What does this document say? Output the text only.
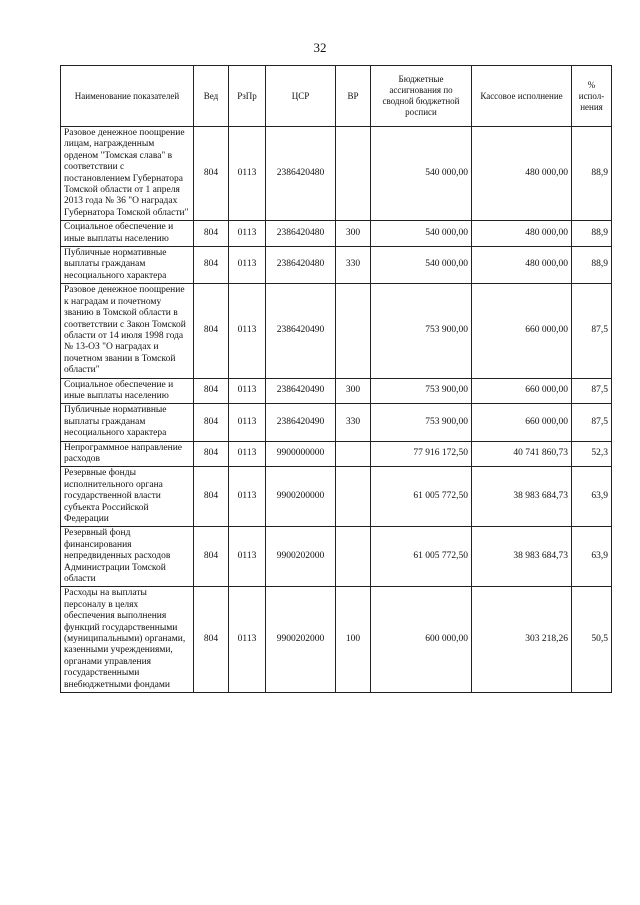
32
Наименование показателей	Вед	РзПр	ЦСР	ВР	Бюджетные ассигнования по сводной бюджетной росписи	Кассовое исполнение	% испол-нения
Разовое денежное поощрение лицам, награжденным орденом "Томская слава" в соответствии с постановлением Губернатора Томской области от 1 апреля 2013 года № 36 "О наградах Губернатора Томской области"	804	0113	2386420480		540 000,00	480 000,00	88,9
Социальное обеспечение и иные выплаты населению	804	0113	2386420480	300	540 000,00	480 000,00	88,9
Публичные нормативные выплаты гражданам несоциального характера	804	0113	2386420480	330	540 000,00	480 000,00	88,9
Разовое денежное поощрение к наградам и почетному званию в Томской области в соответствии с Закон Томской области от 14 июля 1998 года № 13-ОЗ "О наградах и почетном звании в Томской области"	804	0113	2386420490		753 900,00	660 000,00	87,5
Социальное обеспечение и иные выплаты населению	804	0113	2386420490	300	753 900,00	660 000,00	87,5
Публичные нормативные выплаты гражданам несоциального характера	804	0113	2386420490	330	753 900,00	660 000,00	87,5
Непрограммное направление расходов	804	0113	9900000000		77 916 172,50	40 741 860,73	52,3
Резервные фонды исполнительного органа государственной власти субъекта Российской Федерации	804	0113	9900200000		61 005 772,50	38 983 684,73	63,9
Резервный фонд финансирования непредвиденных расходов Администрации Томской области	804	0113	9900202000		61 005 772,50	38 983 684,73	63,9
Расходы на выплаты персоналу в целях обеспечения выполнения функций государственными (муниципальными) органами, казенными учреждениями, органами управления государственными внебюджетными фондами	804	0113	9900202000	100	600 000,00	303 218,26	50,5
